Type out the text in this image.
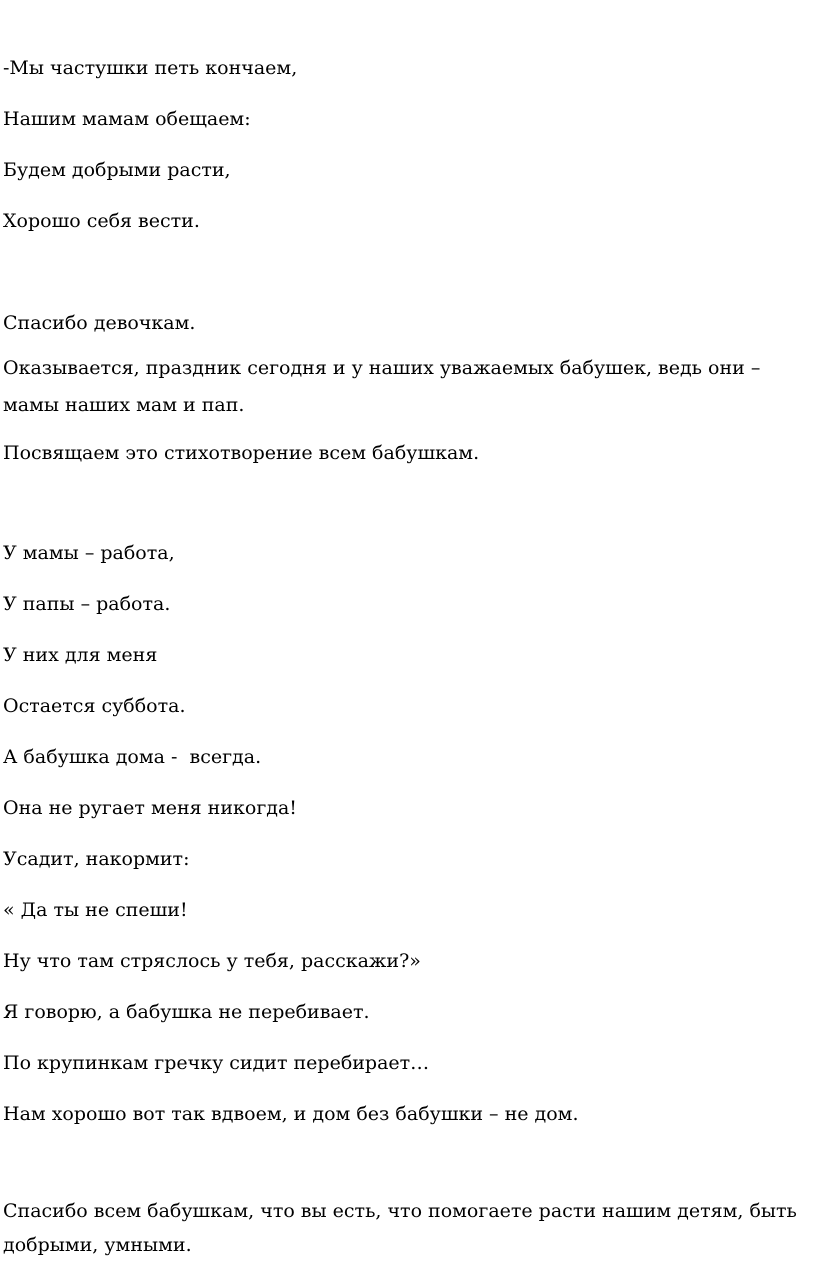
-Мы частушки петь кончаем,

Нашим мамам обещаем:

Будем добрыми расти,

Хорошо себя вести.

Спасибо девочкам.

Оказывается, праздник сегодня и у наших уважаемых бабушек, ведь они – мамы наших мам и пап.

Посвящаем это стихотворение всем бабушкам.

У мамы – работа,

У папы – работа.

У них для меня

Остается суббота.

А бабушка дома -  всегда.

Она не ругает меня никогда!

Усадит, накормит:

« Да ты не спеши!

Ну что там стряслось у тебя, расскажи?»

Я говорю, а бабушка не перебивает.

По крупинкам гречку сидит перебирает…

Нам хорошо вот так вдвоем, и дом без бабушки – не дом.

Спасибо всем бабушкам, что вы есть, что помогаете расти нашим детям, быть добрыми, умными.
